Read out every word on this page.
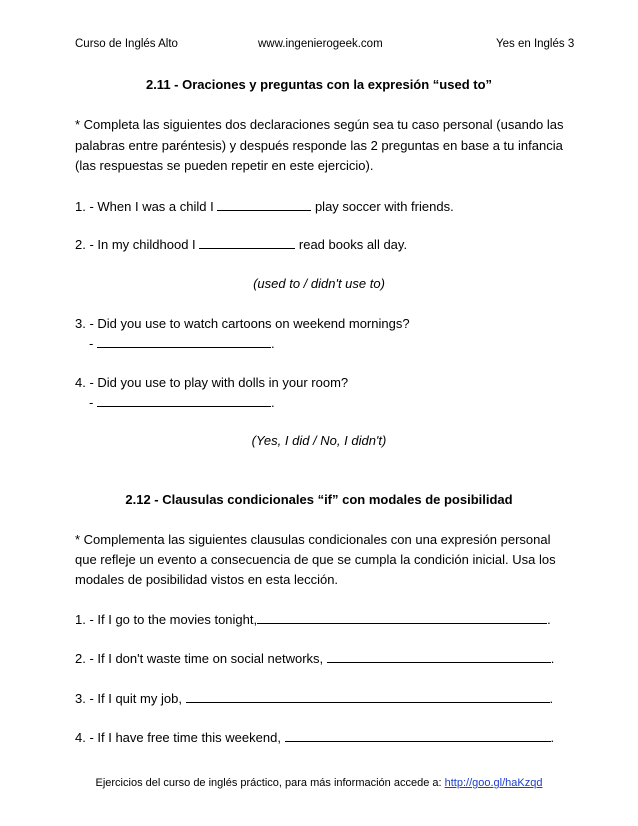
Curso de Inglés Alto	www.ingenierogeek.com	Yes en Inglés 3
2.11 - Oraciones y preguntas con la expresión “used to”
* Completa las siguientes dos declaraciones según sea tu caso personal (usando las
palabras entre paréntesis) y después responde las 2 preguntas en base a tu infancia
(las respuestas se pueden repetir en este ejercicio).
1. - When I was a child I	play soccer with friends.
2. - In my childhood I	read books all day.
(used to / didn't use to)
3. - Did you use to watch cartoons on weekend mornings?
-	.
4. - Did you use to play with dolls in your room?
-	.
(Yes, I did / No, I didn't)
2.12 - Clausulas condicionales “if” con modales de posibilidad
* Complementa las siguientes clausulas condicionales con una expresión personal
que refleje un evento a consecuencia de que se cumpla la condición inicial. Usa los
modales de posibilidad vistos en esta lección.
1. - If I go to the movies tonight,	.
2. - If I don't waste time on social networks,	.
3. - If I quit my job,	.
4. - If I have free time this weekend,	.
Ejercicios del curso de inglés práctico, para más información accede a: http://goo.gl/haKzqd
